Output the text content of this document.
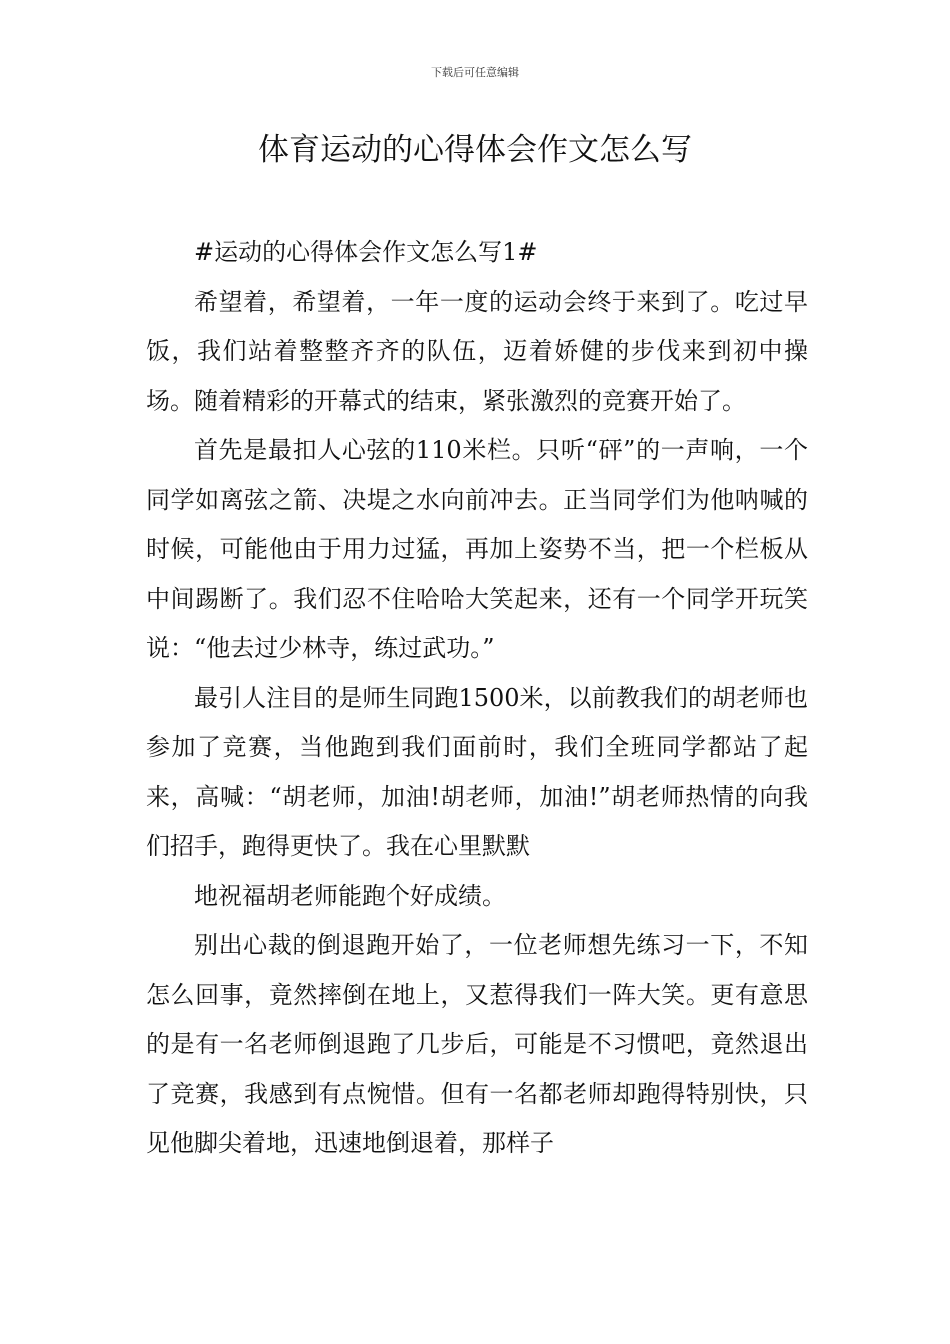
下载后可任意编辑
体育运动的心得体会作文怎么写

#运动的心得体会作文怎么写1#

希望着，希望着，一年一度的运动会终于来到了。吃过早饭，我们站着整整齐齐的队伍，迈着娇健的步伐来到初中操场。随着精彩的开幕式的结束，紧张激烈的竞赛开始了。

首先是最扣人心弦的110米栏。只听“砰”的一声响，一个同学如离弦之箭、决堤之水向前冲去。正当同学们为他呐喊的时候，可能他由于用力过猛，再加上姿势不当，把一个栏板从中间踢断了。我们忍不住哈哈大笑起来，还有一个同学开玩笑说：“他去过少林寺，练过武功。”

最引人注目的是师生同跑1500米，以前教我们的胡老师也参加了竞赛，当他跑到我们面前时，我们全班同学都站了起来，高喊：“胡老师，加油!胡老师，加油!”胡老师热情的向我们招手，跑得更快了。我在心里默默

地祝福胡老师能跑个好成绩。

别出心裁的倒退跑开始了，一位老师想先练习一下，不知怎么回事，竟然摔倒在地上，又惹得我们一阵大笑。更有意思的是有一名老师倒退跑了几步后，可能是不习惯吧，竟然退出了竞赛，我感到有点惋惜。但有一名都老师却跑得特别快，只见他脚尖着地，迅速地倒退着，那样子
